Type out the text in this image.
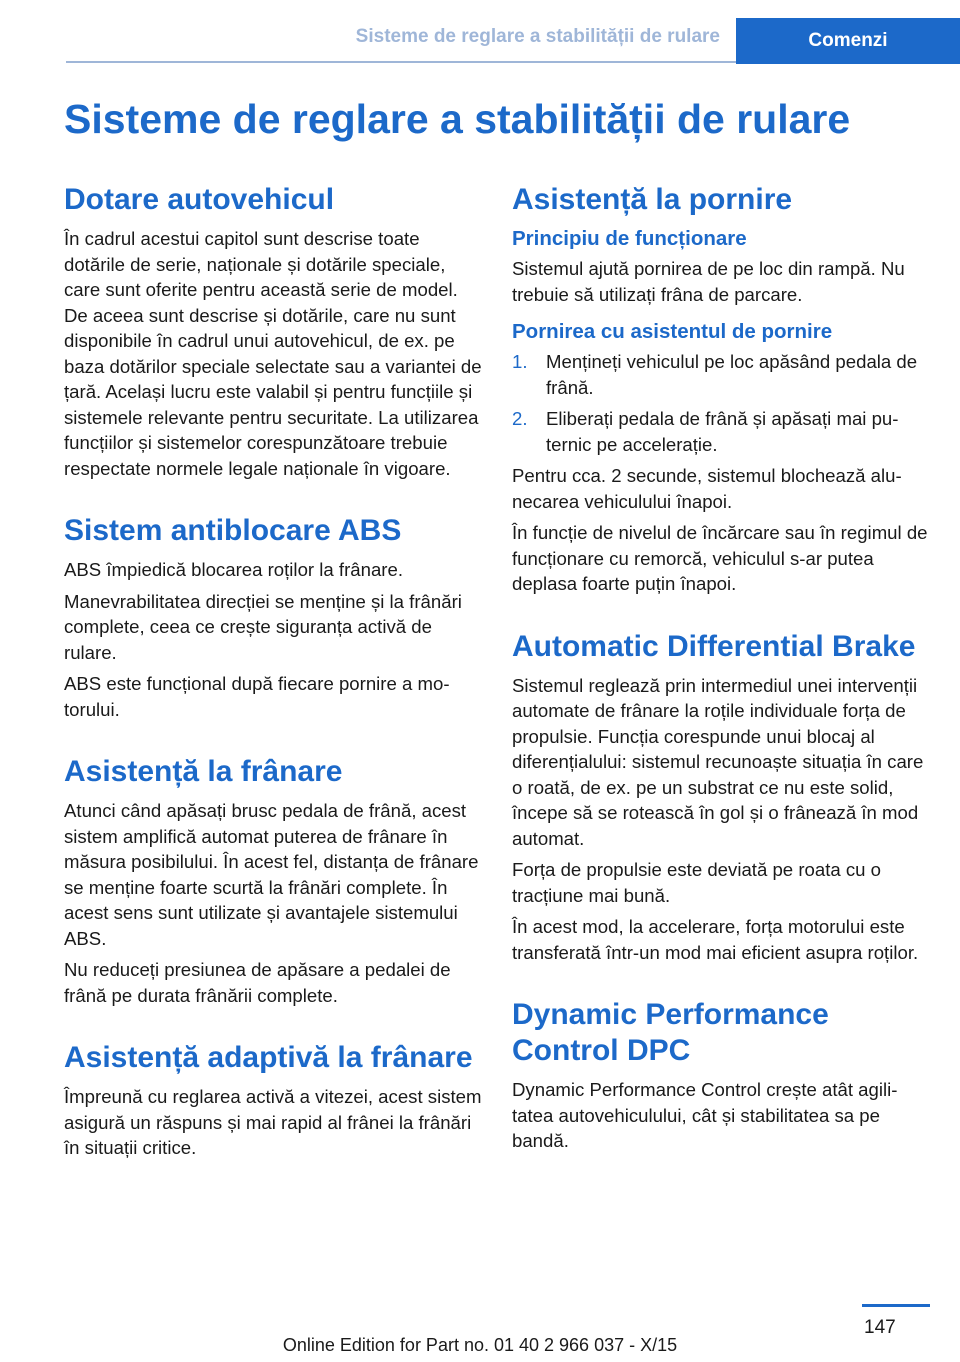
Sisteme de reglare a stabilității de rulare	Comenzi
Sisteme de reglare a stabilității de rulare
Dotare autovehicul

În cadrul acestui capitol sunt descrise toate dotările de serie, naționale și dotările speciale, care sunt oferite pentru această serie de model. De aceea sunt descrise și dotările, care nu sunt disponibile în cadrul unui autovehicul, de ex. pe baza dotărilor speciale selectate sau a variantei de țară. Același lucru este valabil și pentru funcțiile și sistemele relevante pentru securitate. La utilizarea funcțiilor și sistemelor corespunzătoare trebuie respectate normele legale naționale în vigoare.

Sistem antiblocare ABS

ABS împiedică blocarea roților la frânare.

Manevrabilitatea direcției se menține și la frânări complete, ceea ce crește siguranța activă de rulare.

ABS este funcțional după fiecare pornire a motorului.

Asistență la frânare

Atunci când apăsați brusc pedala de frână, acest sistem amplifică automat puterea de frânare în măsura posibilului. În acest fel, distanța de frânare se menține foarte scurtă la frânări complete. În acest sens sunt utilizate și avantajele sistemului ABS.

Nu reduceți presiunea de apăsare a pedalei de frână pe durata frânării complete.

Asistență adaptivă la frânare

Împreună cu reglarea activă a vitezei, acest sistem asigură un răspuns și mai rapid al frânei la frânări în situații critice.

Asistență la pornire
Principiu de funcționare

Sistemul ajută pornirea de pe loc din rampă. Nu trebuie să utilizați frâna de parcare.

Pornirea cu asistentul de pornire
1. Mențineți vehiculul pe loc apăsând pedala de frână.
2. Eliberați pedala de frână și apăsați mai puternic pe accelerație.

Pentru cca. 2 secunde, sistemul blochează alunecarea vehiculului înapoi.

În funcție de nivelul de încărcare sau în regimul de funcționare cu remorcă, vehiculul s-ar putea deplasa foarte puțin înapoi.

Automatic Differential Brake

Sistemul reglează prin intermediul unei intervenții automate de frânare la roțile individuale forța de propulsie. Funcția corespunde unui blocaj al diferențialului: sistemul recunoaște situația în care o roată, de ex. pe un substrat ce nu este solid, începe să se rotească în gol și o frânează în mod automat.

Forța de propulsie este deviată pe roata cu o tracțiune mai bună.

În acest mod, la accelerare, forța motorului este transferată într-un mod mai eficient asupra roților.

Dynamic Performance Control DPC

Dynamic Performance Control crește atât agilitatea autovehiculului, cât și stabilitatea sa pe bandă.

147
Online Edition for Part no. 01 40 2 966 037 - X/15
